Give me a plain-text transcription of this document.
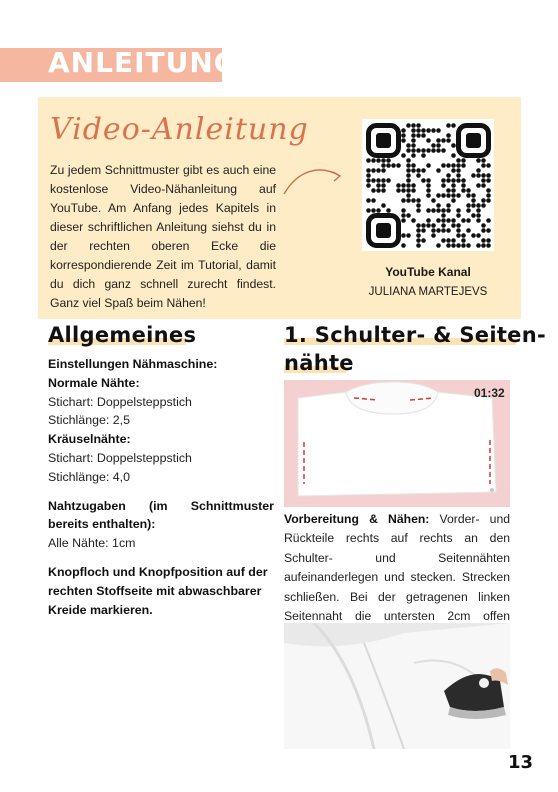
ANLEITUNG
Video-Anleitung
Zu jedem Schnittmuster gibt es auch eine kostenlose Video-Nähanleitung auf YouTube. Am Anfang jedes Kapitels in dieser schriftlichen Anleitung siehst du in der rechten oberen Ecke die korrespondierende Zeit im Tutorial, damit du dich ganz schnell zurecht findest. Ganz viel Spaß beim Nähen!
YouTube Kanal
JULIANA MARTEJEVS
Allgemeines

Einstellungen Nähmaschine:

Normale Nähte:

Stichart: Doppelsteppstich

Stichlänge: 2,5

Kräuselnähte:

Stichart: Doppelsteppstich

Stichlänge: 4,0

Nahtzugaben (im Schnittmuster bereits enthalten):

Alle Nähte: 1cm

Knopfloch und Knopfposition auf der rechten Stoffseite mit abwaschbarer Kreide markieren.

1. Schulter- & Seiten-
nähte
01:32
Vorbereitung & Nähen: Vorder- und Rückteile rechts auf rechts an den Schulter- und Seitennähten aufeinanderlegen und stecken. Strecken schließen. Bei der getragenen linken Seitennaht die untersten 2cm offen
13
